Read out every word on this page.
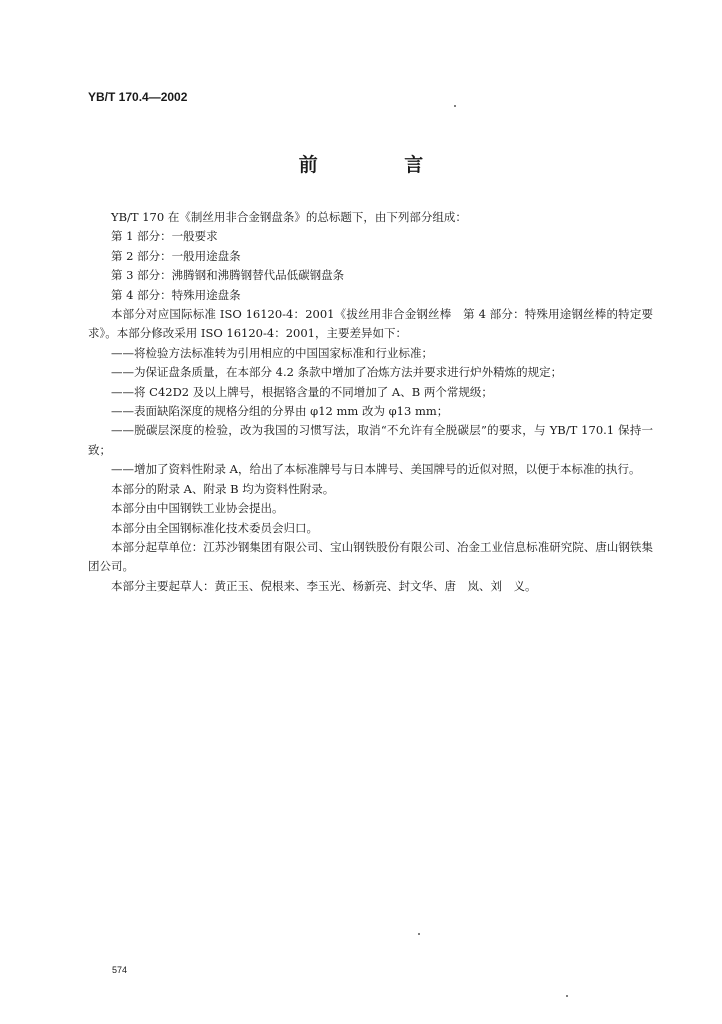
YB/T 170.4—2002
前 言

YB/T 170 在《制丝用非合金钢盘条》的总标题下，由下列部分组成：

第 1 部分：一般要求

第 2 部分：一般用途盘条

第 3 部分：沸腾钢和沸腾钢替代品低碳钢盘条

第 4 部分：特殊用途盘条

本部分对应国际标准 ISO 16120-4：2001《拔丝用非合金钢丝棒　第 4 部分：特殊用途钢丝棒的特定要求》。本部分修改采用 ISO 16120-4：2001，主要差异如下：

——将检验方法标准转为引用相应的中国国家标准和行业标准；

——为保证盘条质量，在本部分 4.2 条款中增加了冶炼方法并要求进行炉外精炼的规定；

——将 C42D2 及以上牌号，根据铬含量的不同增加了 A、B 两个常规级；

——表面缺陷深度的规格分组的分界由 φ12 mm 改为 φ13 mm；

——脱碳层深度的检验，改为我国的习惯写法，取消“不允许有全脱碳层”的要求，与 YB/T 170.1 保持一致；

——增加了资料性附录 A，给出了本标准牌号与日本牌号、美国牌号的近似对照，以便于本标准的执行。

本部分的附录 A、附录 B 均为资料性附录。

本部分由中国钢铁工业协会提出。

本部分由全国钢标准化技术委员会归口。

本部分起草单位：江苏沙钢集团有限公司、宝山钢铁股份有限公司、冶金工业信息标准研究院、唐山钢铁集团公司。

本部分主要起草人：黄正玉、倪根来、李玉光、杨新亮、封文华、唐　岚、刘　义。

574
